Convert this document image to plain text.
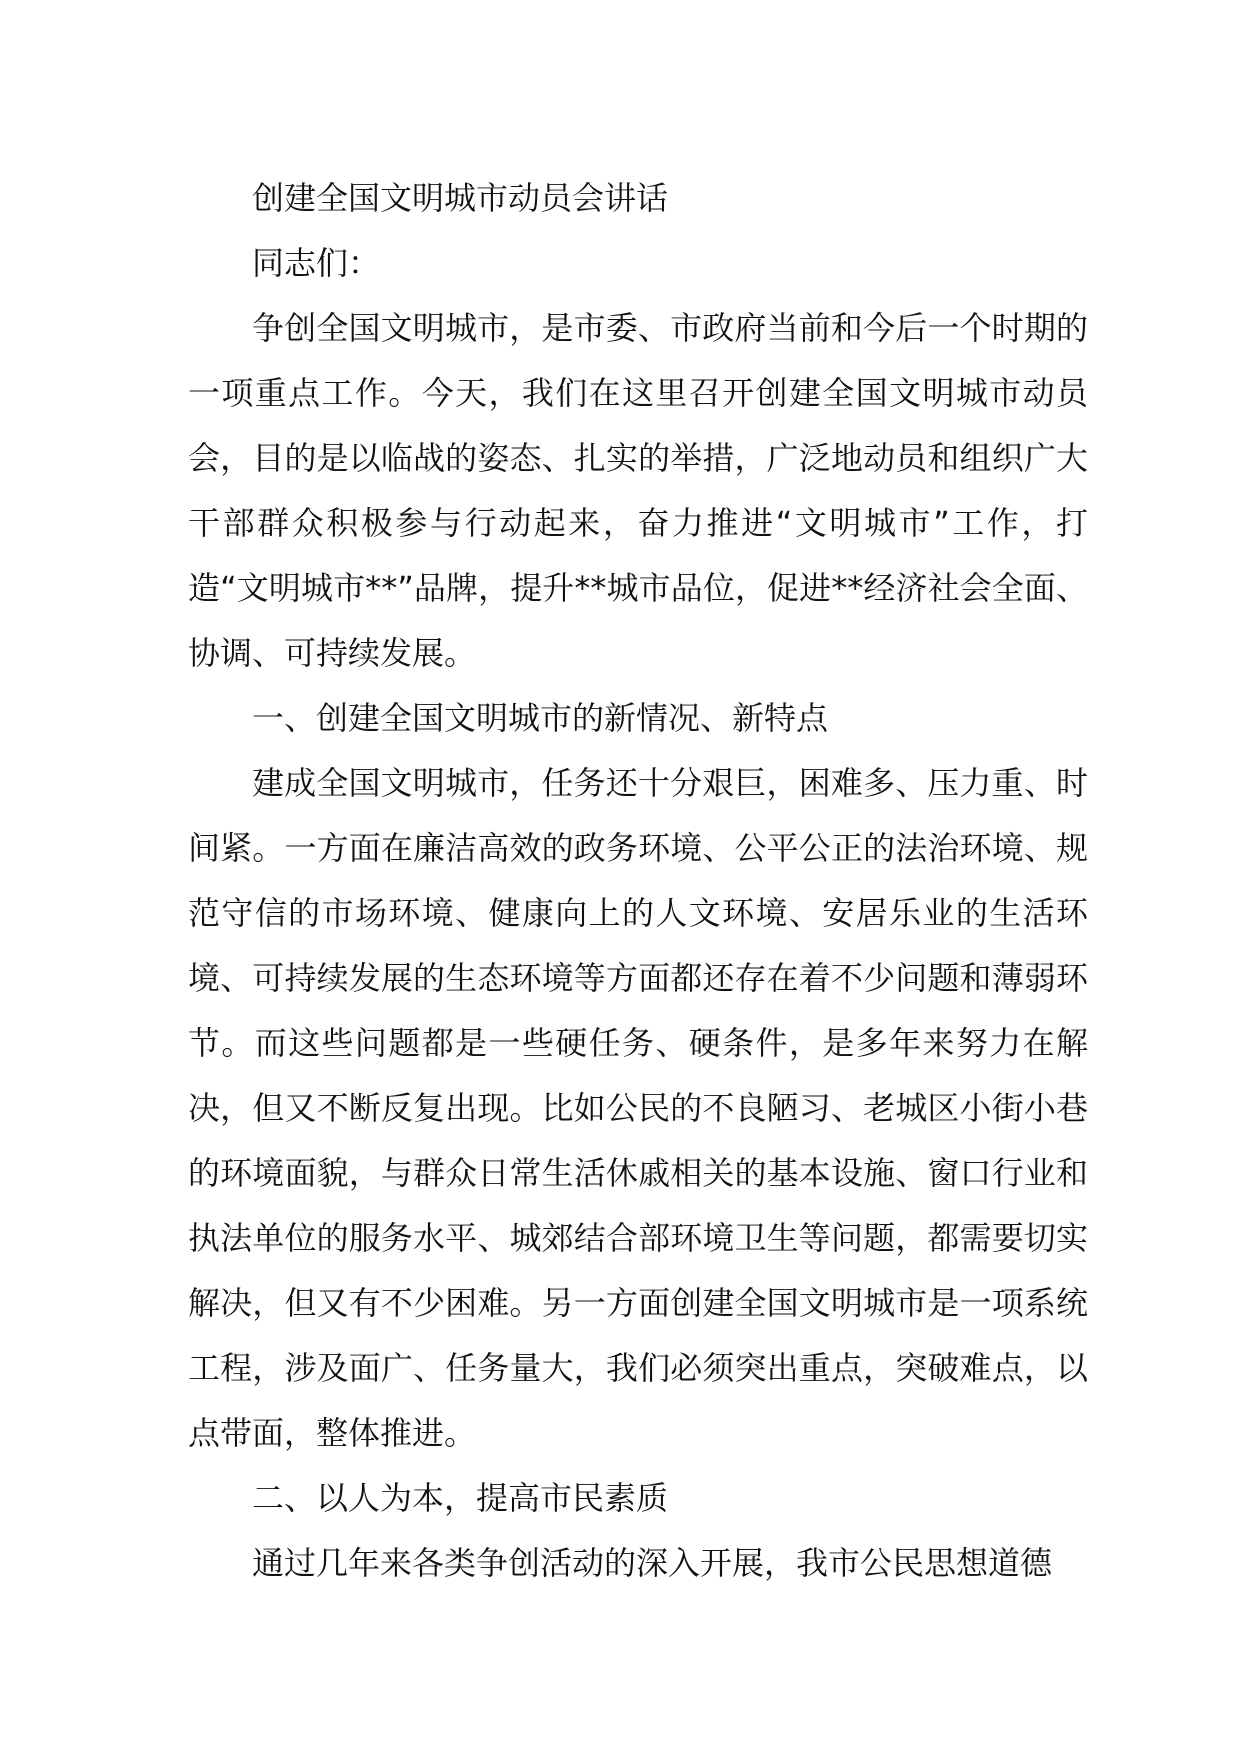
创建全国文明城市动员会讲话

同志们：

争创全国文明城市，是市委、市政府当前和今后一个时期的一项重点工作。今天，我们在这里召开创建全国文明城市动员会，目的是以临战的姿态、扎实的举措，广泛地动员和组织广大干部群众积极参与行动起来，奋力推进“文明城市”工作，打造“文明城市**”品牌，提升**城市品位，促进**经济社会全面、协调、可持续发展。

一、创建全国文明城市的新情况、新特点

建成全国文明城市，任务还十分艰巨，困难多、压力重、时间紧。一方面在廉洁高效的政务环境、公平公正的法治环境、规范守信的市场环境、健康向上的人文环境、安居乐业的生活环境、可持续发展的生态环境等方面都还存在着不少问题和薄弱环节。而这些问题都是一些硬任务、硬条件，是多年来努力在解决，但又不断反复出现。比如公民的不良陋习、老城区小街小巷的环境面貌，与群众日常生活休戚相关的基本设施、窗口行业和执法单位的服务水平、城郊结合部环境卫生等问题，都需要切实解决，但又有不少困难。另一方面创建全国文明城市是一项系统工程，涉及面广、任务量大，我们必须突出重点，突破难点，以点带面，整体推进。

二、以人为本，提高市民素质

通过几年来各类争创活动的深入开展，我市公民思想道德
